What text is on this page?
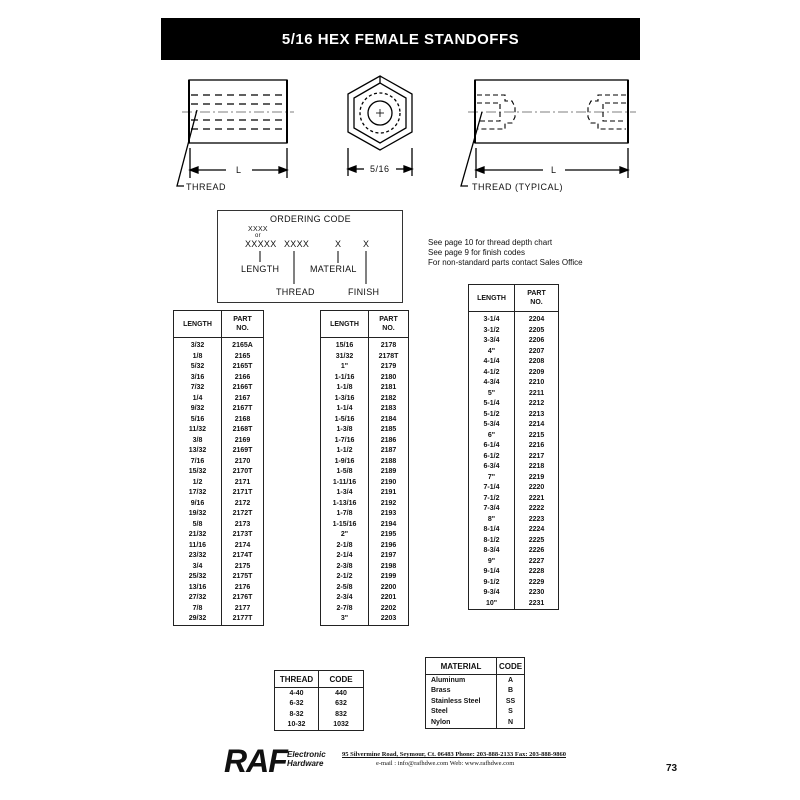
5/16 HEX FEMALE STANDOFFS
THREAD
L	5/16	L
THREAD (TYPICAL)
ORDERING CODE
XXXX
or
XXXXX XXXX	X X
LENGTH	MATERIAL
THREAD	FINISH
See page 10 for thread depth chart
See page 9 for finish codes
For non-standard parts contact Sales Office
LENGTH	PART
NO.
3/32	2165A
1/8	2165
5/32	2165T
3/16	2166
7/32	2166T
1/4	2167
9/32	2167T
5/16	2168
11/32	2168T
3/8	2169
13/32	2169T
7/16	2170
15/32	2170T
1/2	2171
17/32	2171T
9/16	2172
19/32	2172T
5/8	2173
21/32	2173T
11/16	2174
23/32	2174T
3/4	2175
25/32	2175T
13/16	2176
27/32	2176T
7/8	2177
29/32	2177T
LENGTH	PART
NO.
15/16	2178
31/32	2178T
1"	2179
1-1/16	2180
1-1/8	2181
1-3/16	2182
1-1/4	2183
1-5/16	2184
1-3/8	2185
1-7/16	2186
1-1/2	2187
1-9/16	2188
1-5/8	2189
1-11/16	2190
1-3/4	2191
1-13/16	2192
1-7/8	2193
1-15/16	2194
2"	2195
2-1/8	2196
2-1/4	2197
2-3/8	2198
2-1/2	2199
2-5/8	2200
2-3/4	2201
2-7/8	2202
3"	2203
LENGTH	PART
NO.
3-1/4	2204
3-1/2	2205
3-3/4	2206
4"	2207
4-1/4	2208
4-1/2	2209
4-3/4	2210
5"	2211
5-1/4	2212
5-1/2	2213
5-3/4	2214
6"	2215
6-1/4	2216
6-1/2	2217
6-3/4	2218
7"	2219
7-1/4	2220
7-1/2	2221
7-3/4	2222
8"	2223
8-1/4	2224
8-1/2	2225
8-3/4	2226
9"	2227
9-1/4	2228
9-1/2	2229
9-3/4	2230
10"	2231
THREAD	CODE
4-40	440
6-32	632
8-32	832
10-32	1032
MATERIAL	CODE
Aluminum	A
Brass	B
Stainless Steel	SS
Steel	S
Nylon	N
RAF Electronic
Hardware
95 Silvermine Road, Seymour, Ct. 06483 Phone: 203-888-2133 Fax: 203-888-9860
e-mail : info@rafhdwe.com Web: www.rafhdwe.com	73
